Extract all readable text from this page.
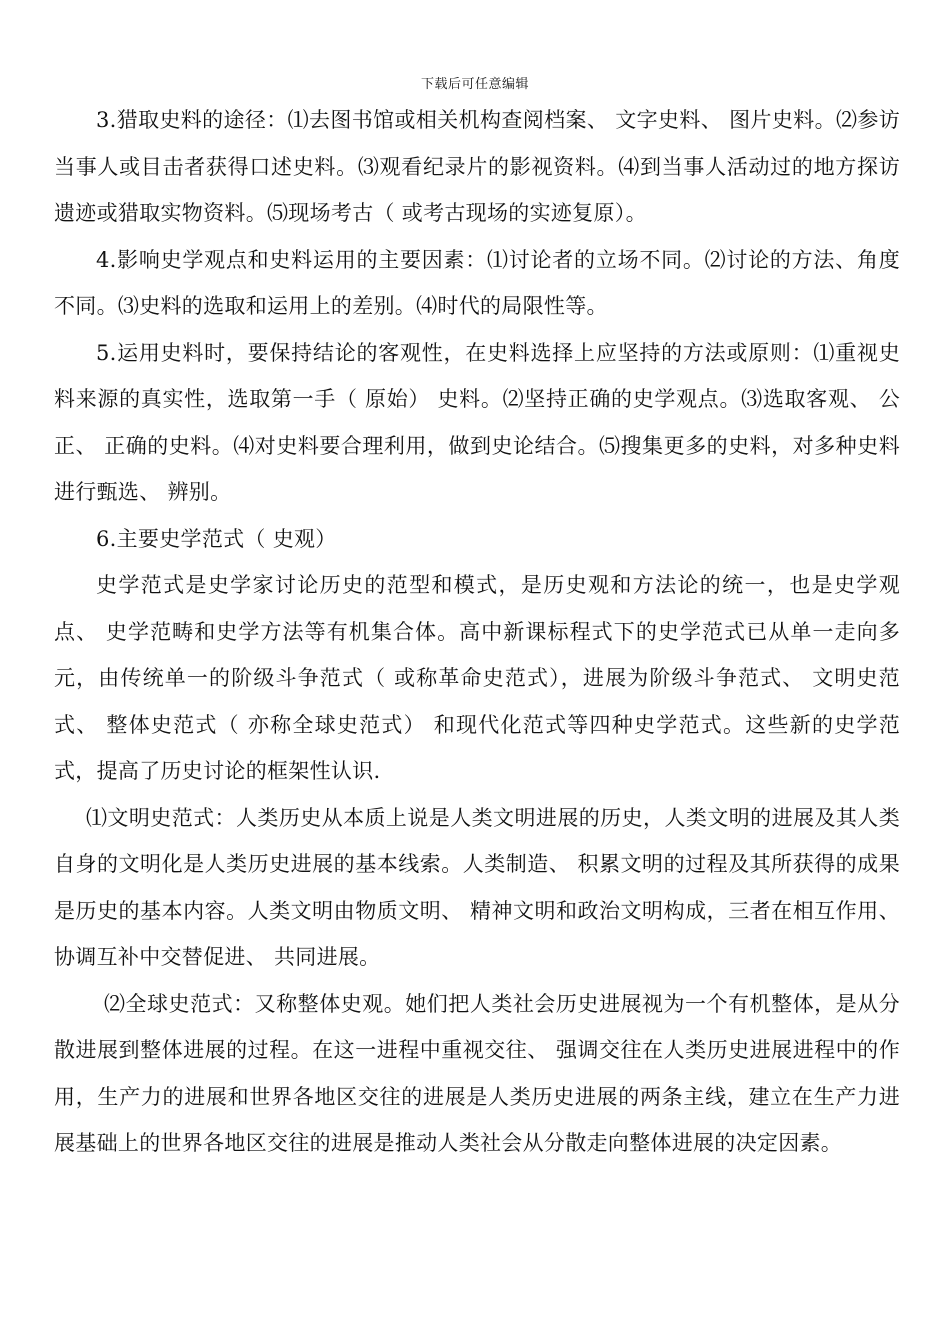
下载后可任意编辑

3.猎取史料的途径：⑴去图书馆或相关机构查阅档案、 文字史料、 图片史料。⑵参访当事人或目击者获得口述史料。⑶观看纪录片的影视资料。⑷到当事人活动过的地方探访遗迹或猎取实物资料。⑸现场考古（ 或考古现场的实迹复原）。

4.影响史学观点和史料运用的主要因素：⑴讨论者的立场不同。⑵讨论的方法、角度不同。⑶史料的选取和运用上的差别。⑷时代的局限性等。

5.运用史料时，要保持结论的客观性，在史料选择上应坚持的方法或原则：⑴重视史料来源的真实性，选取第一手（ 原始） 史料。⑵坚持正确的史学观点。⑶选取客观、 公正、 正确的史料。⑷对史料要合理利用，做到史论结合。⑸搜集更多的史料，对多种史料进行甄选、 辨别。

6.主要史学范式（ 史观）

史学范式是史学家讨论历史的范型和模式，是历史观和方法论的统一，也是史学观点、 史学范畴和史学方法等有机集合体。高中新课标程式下的史学范式已从单一走向多元，由传统单一的阶级斗争范式（ 或称革命史范式），进展为阶级斗争范式、 文明史范式、 整体史范式（ 亦称全球史范式） 和现代化范式等四种史学范式。这些新的史学范式，提高了历史讨论的框架性认识.

⑴文明史范式：人类历史从本质上说是人类文明进展的历史，人类文明的进展及其人类自身的文明化是人类历史进展的基本线索。人类制造、 积累文明的过程及其所获得的成果是历史的基本内容。人类文明由物质文明、 精神文明和政治文明构成，三者在相互作用、 协调互补中交替促进、 共同进展。

⑵全球史范式：又称整体史观。她们把人类社会历史进展视为一个有机整体，是从分散进展到整体进展的过程。在这一进程中重视交往、 强调交往在人类历史进展进程中的作用，生产力的进展和世界各地区交往的进展是人类历史进展的两条主线，建立在生产力进展基础上的世界各地区交往的进展是推动人类社会从分散走向整体进展的决定因素。
